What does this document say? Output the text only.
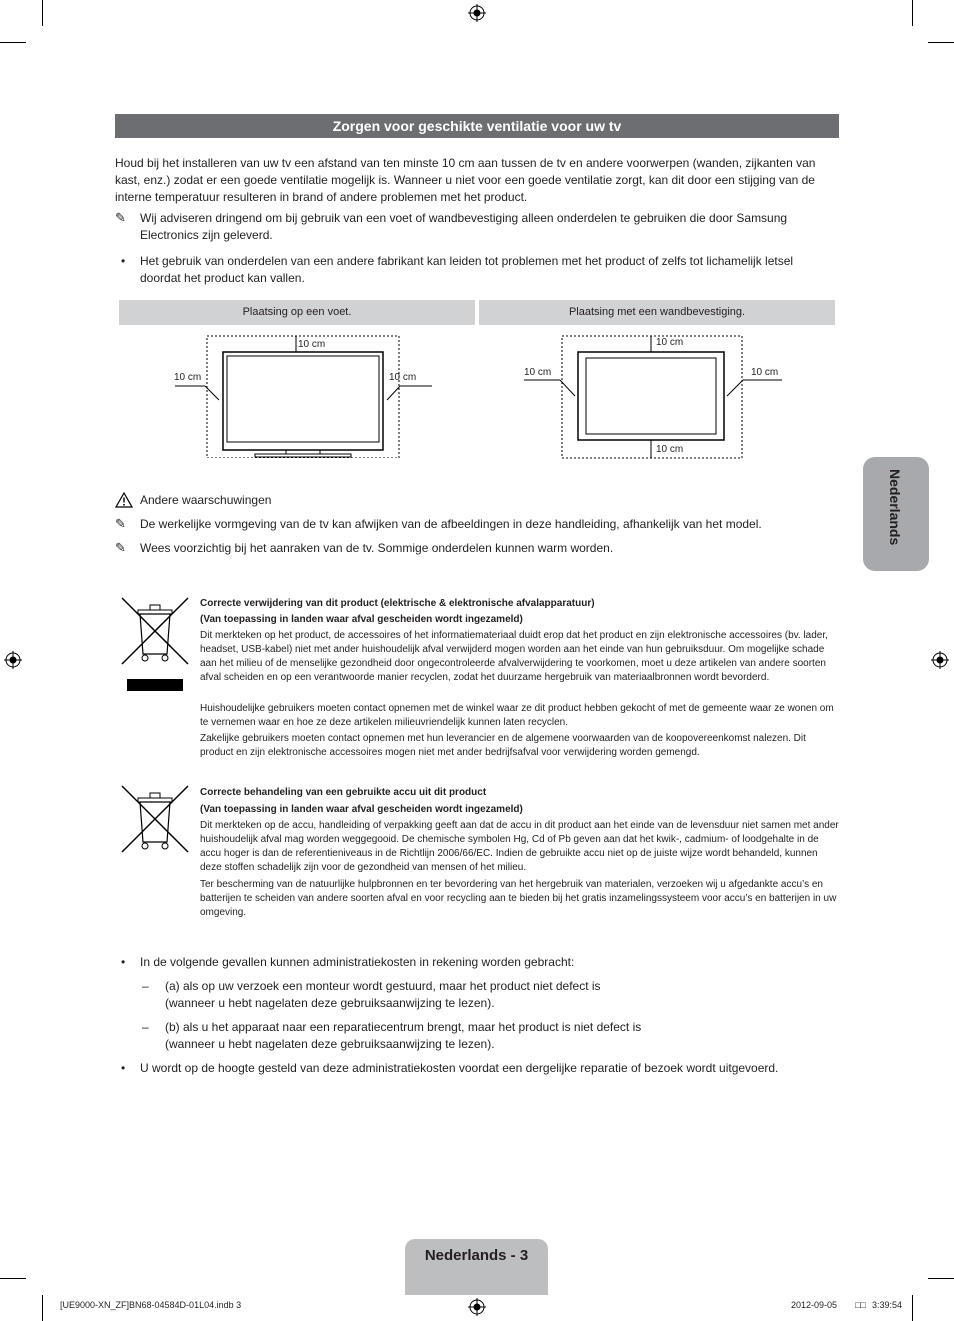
Zorgen voor geschikte ventilatie voor uw tv
Houd bij het installeren van uw tv een afstand van ten minste 10 cm aan tussen de tv en andere voorwerpen (wanden, zijkanten van kast, enz.) zodat er een goede ventilatie mogelijk is. Wanneer u niet voor een goede ventilatie zorgt, kan dit door een stijging van de interne temperatuur resulteren in brand of andere problemen met het product.
✎ Wij adviseren dringend om bij gebruik van een voet of wandbevestiging alleen onderdelen te gebruiken die door Samsung Electronics zijn geleverd.
• Het gebruik van onderdelen van een andere fabrikant kan leiden tot problemen met het product of zelfs tot lichamelijk letsel doordat het product kan vallen.
Plaatsing op een voet.	Plaatsing met een wandbevestiging.
10 cm
10 cm	10 cm
10 cm
10 cm	10 cm
10 cm
Andere waarschuwingen
✎ De werkelijke vormgeving van de tv kan afwijken van de afbeeldingen in deze handleiding, afhankelijk van het model.
✎ Wees voorzichtig bij het aanraken van de tv. Sommige onderdelen kunnen warm worden.
Correcte verwijdering van dit product (elektrische & elektronische afvalapparatuur)
(Van toepassing in landen waar afval gescheiden wordt ingezameld)
Dit merkteken op het product, de accessoires of het informatiemateriaal duidt erop dat het product en zijn elektronische accessoires (bv. lader, headset, USB-kabel) niet met ander huishoudelijk afval verwijderd mogen worden aan het einde van hun gebruiksduur. Om mogelijke schade aan het milieu of de menselijke gezondheid door ongecontroleerde afvalverwijdering te voorkomen, moet u deze artikelen van andere soorten afval scheiden en op een verantwoorde manier recyclen, zodat het duurzame hergebruik van materiaalbronnen wordt bevorderd.
Huishoudelijke gebruikers moeten contact opnemen met de winkel waar ze dit product hebben gekocht of met de gemeente waar ze wonen om te vernemen waar en hoe ze deze artikelen milieuvriendelijk kunnen laten recyclen.
Zakelijke gebruikers moeten contact opnemen met hun leverancier en de algemene voorwaarden van de koopovereenkomst nalezen. Dit product en zijn elektronische accessoires mogen niet met ander bedrijfsafval voor verwijdering worden gemengd.
Correcte behandeling van een gebruikte accu uit dit product
(Van toepassing in landen waar afval gescheiden wordt ingezameld)
Dit merkteken op de accu, handleiding of verpakking geeft aan dat de accu in dit product aan het einde van de levensduur niet samen met ander huishoudelijk afval mag worden weggegooid. De chemische symbolen Hg, Cd of Pb geven aan dat het kwik-, cadmium- of loodgehalte in de accu hoger is dan de referentieniveaus in de Richtlijn 2006/66/EC. Indien de gebruikte accu niet op de juiste wijze wordt behandeld, kunnen deze stoffen schadelijk zijn voor de gezondheid van mensen of het milieu.
Ter bescherming van de natuurlijke hulpbronnen en ter bevordering van het hergebruik van materialen, verzoeken wij u afgedankte accu’s en batterijen te scheiden van andere soorten afval en voor recycling aan te bieden bij het gratis inzamelingssysteem voor accu’s en batterijen in uw omgeving.
• In de volgende gevallen kunnen administratiekosten in rekening worden gebracht:
– (a) als op uw verzoek een monteur wordt gestuurd, maar het product niet defect is
(wanneer u hebt nagelaten deze gebruiksaanwijzing te lezen).
– (b) als u het apparaat naar een reparatiecentrum brengt, maar het product is niet defect is
(wanneer u hebt nagelaten deze gebruiksaanwijzing te lezen).
• U wordt op de hoogte gesteld van deze administratiekosten voordat een dergelijke reparatie of bezoek wordt uitgevoerd.
Nederlands
Nederlands - 3
[UE9000-XN_ZF]BN68-04584D-01L04.indb 3	2012-09-05 □□ 3:39:54
